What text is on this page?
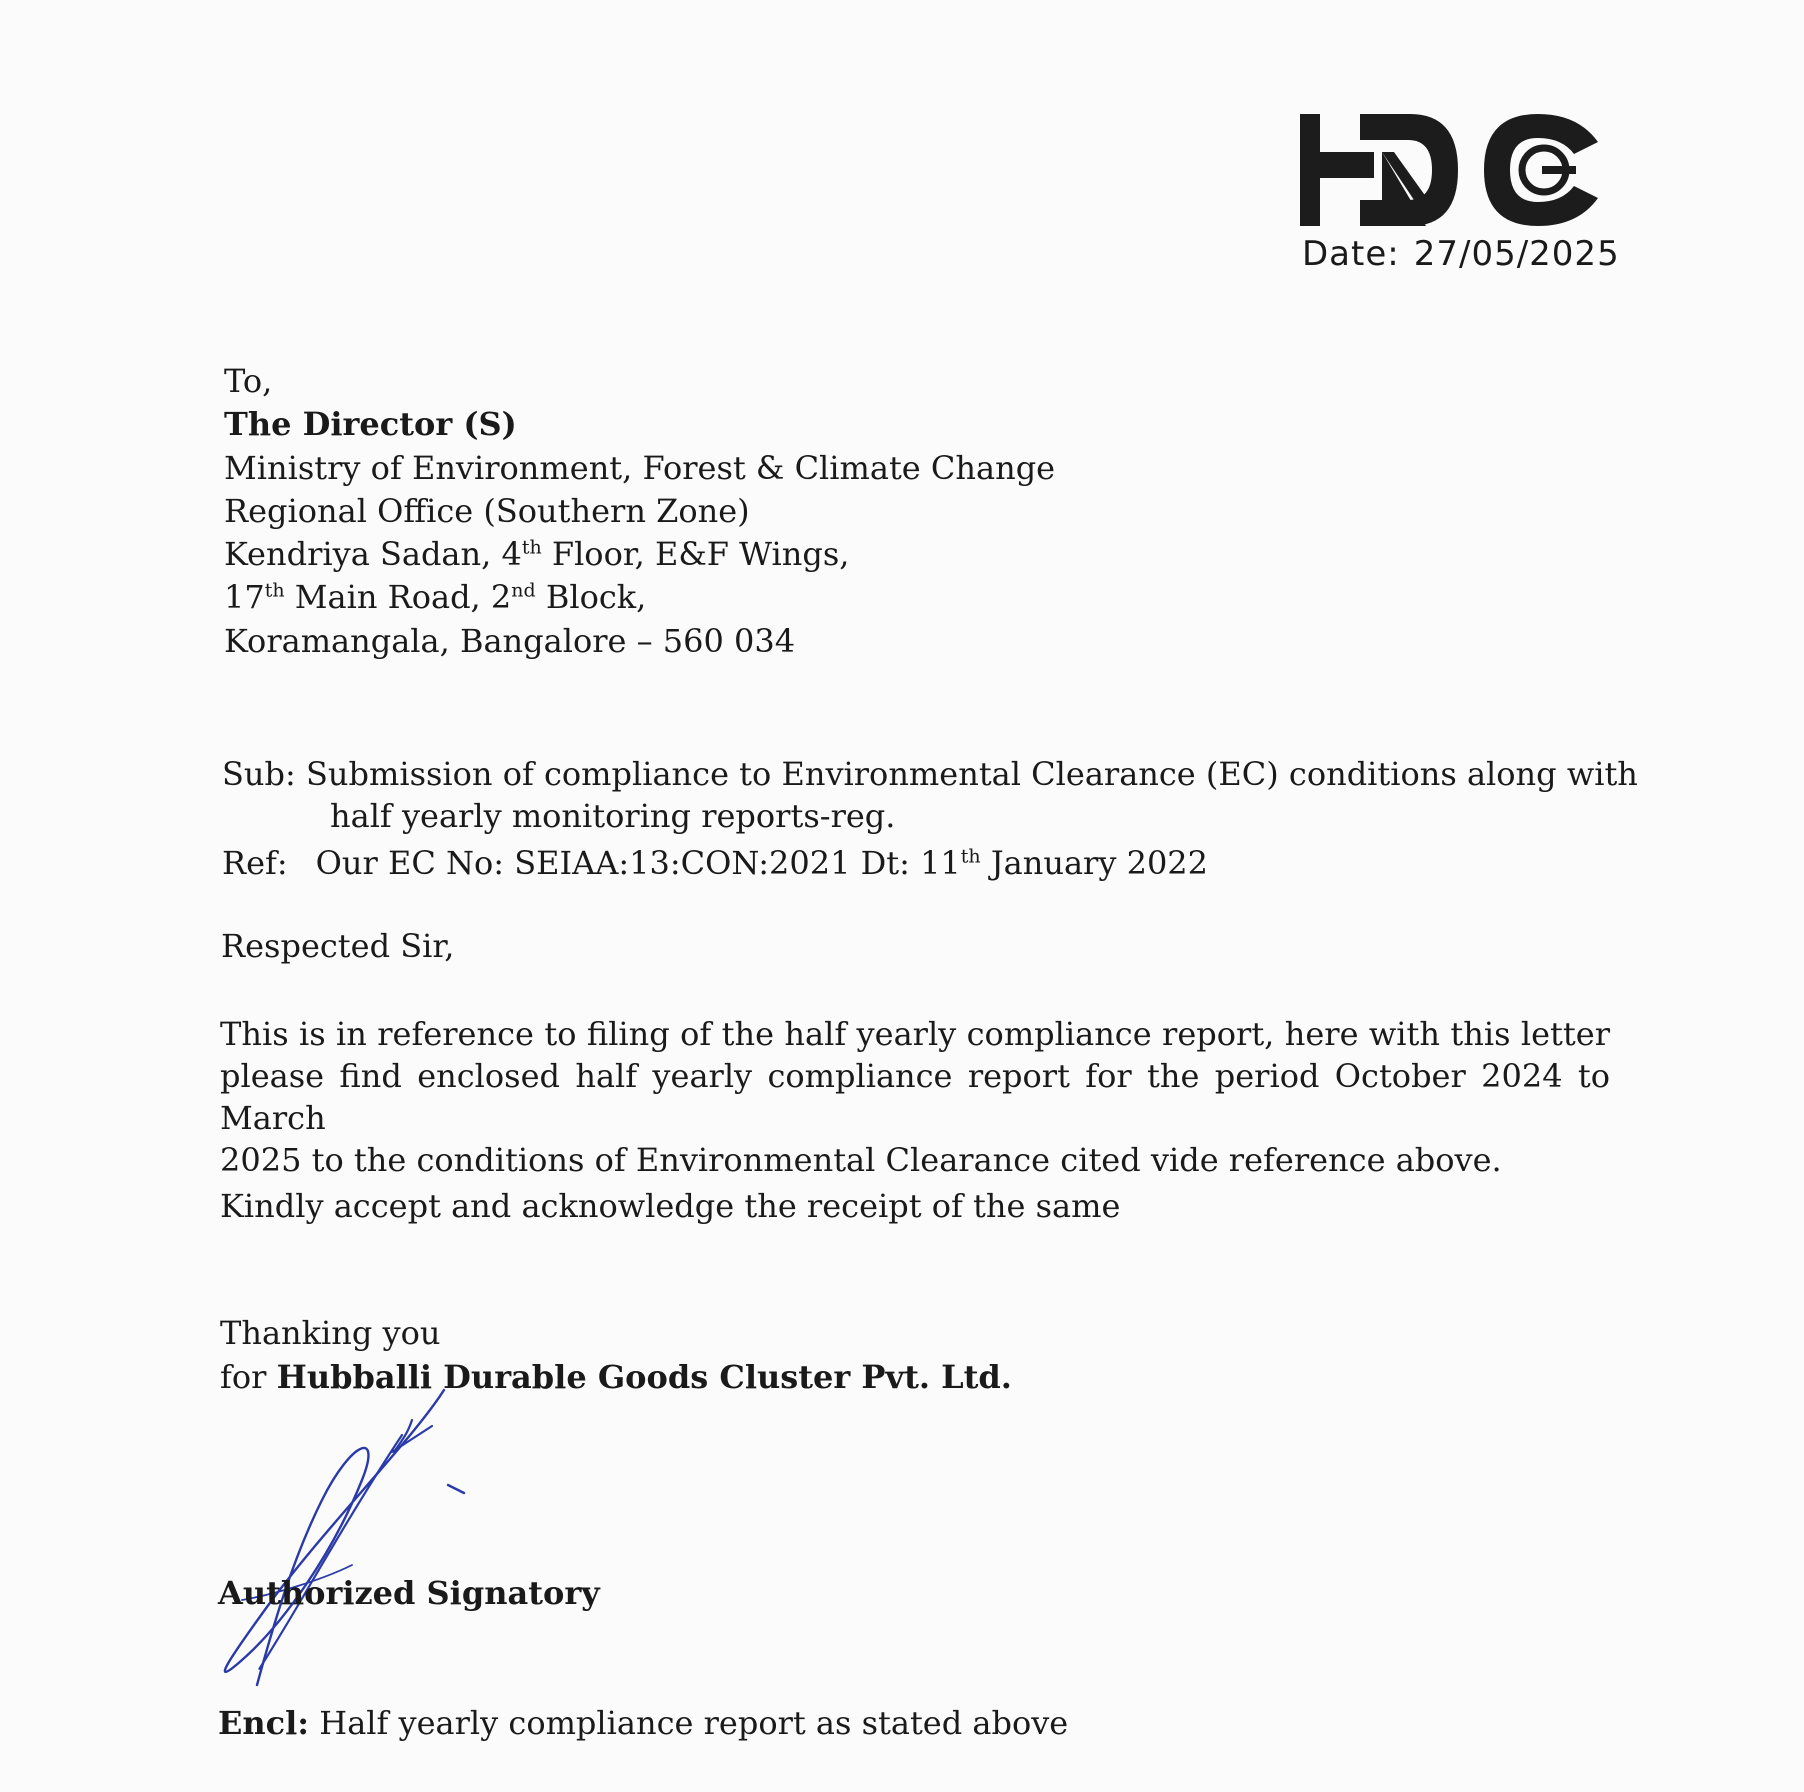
Date: 27/05/2025
To,
The Director (S)
Ministry of Environment, Forest & Climate Change
Regional Office (Southern Zone)
Kendriya Sadan, 4th Floor, E&F Wings,
17th Main Road, 2nd Block,
Koramangala, Bangalore – 560 034
Sub: Submission of compliance to Environmental Clearance (EC) conditions along with
half yearly monitoring reports-reg.
Ref: Our EC No: SEIAA:13:CON:2021 Dt: 11th January 2022
Respected Sir,
This is in reference to filing of the half yearly compliance report, here with this letter
please find enclosed half yearly compliance report for the period October 2024 to March
2025 to the conditions of Environmental Clearance cited vide reference above.
Kindly accept and acknowledge the receipt of the same
Thanking you
for Hubballi Durable Goods Cluster Pvt. Ltd.
Authorized Signatory
Encl: Half yearly compliance report as stated above
